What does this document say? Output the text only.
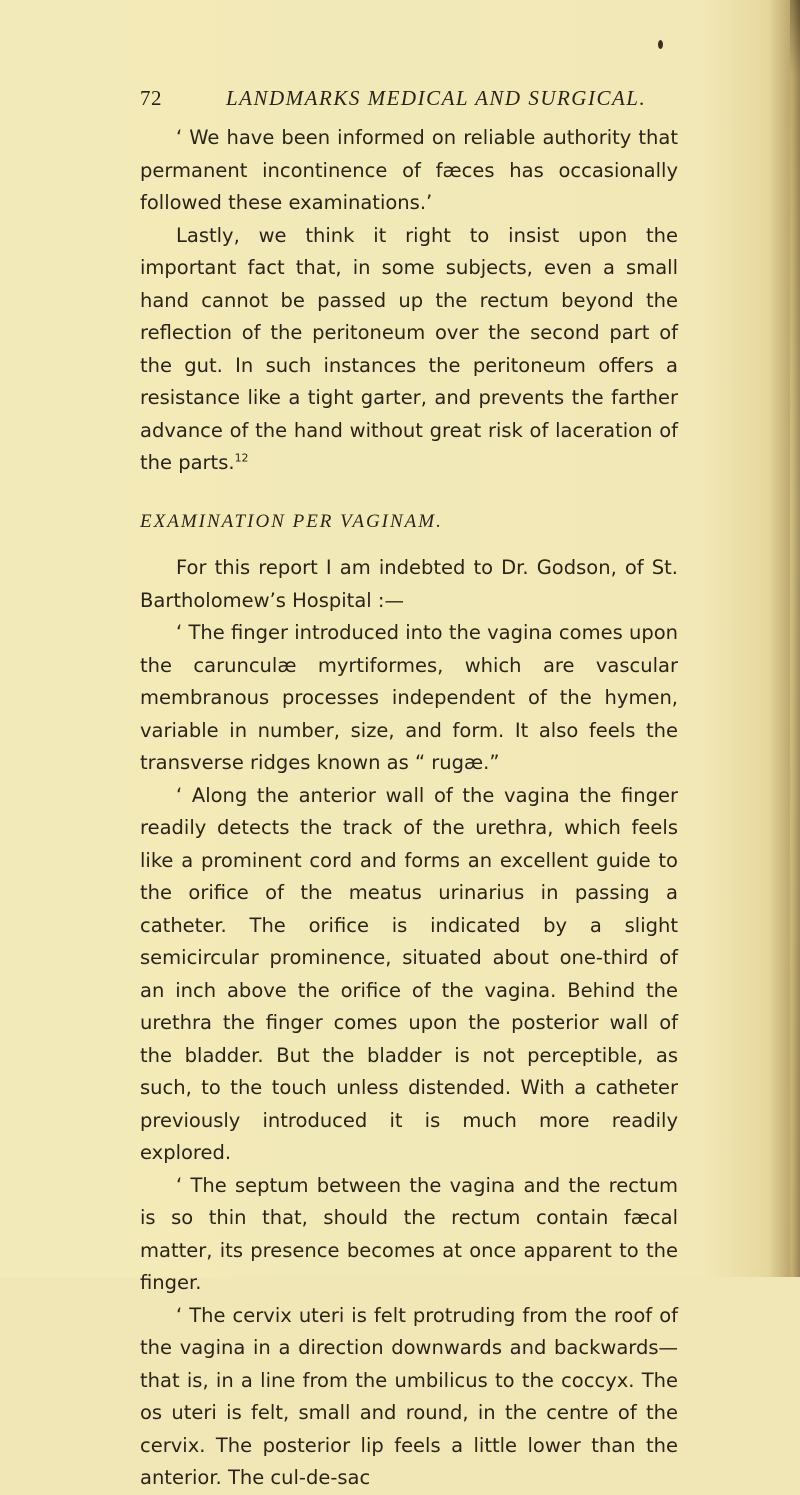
72	LANDMARKS MEDICAL AND SURGICAL.

‘ We have been informed on reliable authority that permanent incontinence of fæces has occasionally followed these examinations.’

Lastly, we think it right to insist upon the important fact that, in some subjects, even a small hand cannot be passed up the rectum beyond the reflection of the peritoneum over the second part of the gut. In such instances the peritoneum offers a resistance like a tight garter, and prevents the farther advance of the hand without great risk of laceration of the parts.$^{12}$

EXAMINATION PER VAGINAM.

For this report I am indebted to Dr. Godson, of St. Bartholomew’s Hospital :—

‘ The finger introduced into the vagina comes upon the carunculæ myrtiformes, which are vascular membranous processes independent of the hymen, variable in number, size, and form. It also feels the transverse ridges known as “ rugæ.”

‘ Along the anterior wall of the vagina the finger readily detects the track of the urethra, which feels like a prominent cord and forms an excellent guide to the orifice of the meatus urinarius in passing a catheter. The orifice is indicated by a slight semicircular prominence, situated about one-third of an inch above the orifice of the vagina. Behind the urethra the finger comes upon the posterior wall of the bladder. But the bladder is not perceptible, as such, to the touch unless distended. With a catheter previously introduced it is much more readily explored.

‘ The septum between the vagina and the rectum is so thin that, should the rectum contain fæcal matter, its presence becomes at once apparent to the finger.

‘ The cervix uteri is felt protruding from the roof of the vagina in a direction downwards and backwards—that is, in a line from the umbilicus to the coccyx. The os uteri is felt, small and round, in the centre of the cervix. The posterior lip feels a little lower than the anterior. The cul-de-sac
